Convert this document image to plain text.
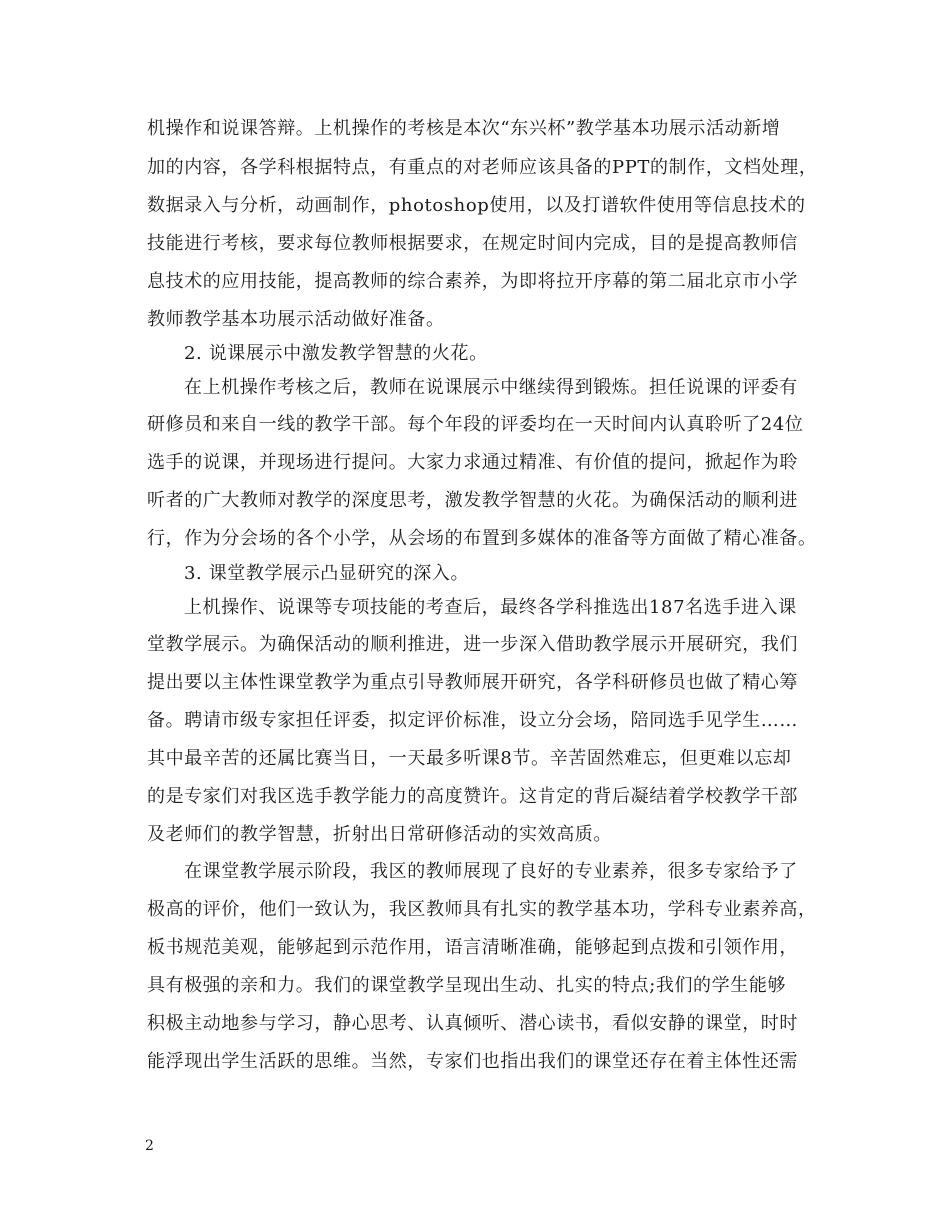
机操作和说课答辩。上机操作的考核是本次“东兴杯”教学基本功展示活动新增
加的内容，各学科根据特点，有重点的对老师应该具备的PPT的制作，文档处理，
数据录入与分析，动画制作，photoshop使用，以及打谱软件使用等信息技术的
技能进行考核，要求每位教师根据要求，在规定时间内完成，目的是提高教师信
息技术的应用技能，提高教师的综合素养，为即将拉开序幕的第二届北京市小学
教师教学基本功展示活动做好准备。
2. 说课展示中激发教学智慧的火花。
在上机操作考核之后，教师在说课展示中继续得到锻炼。担任说课的评委有
研修员和来自一线的教学干部。每个年段的评委均在一天时间内认真聆听了24位
选手的说课，并现场进行提问。大家力求通过精准、有价值的提问，掀起作为聆
听者的广大教师对教学的深度思考，激发教学智慧的火花。为确保活动的顺利进
行，作为分会场的各个小学，从会场的布置到多媒体的准备等方面做了精心准备。
3. 课堂教学展示凸显研究的深入。
上机操作、说课等专项技能的考查后，最终各学科推选出187名选手进入课
堂教学展示。为确保活动的顺利推进，进一步深入借助教学展示开展研究，我们
提出要以主体性课堂教学为重点引导教师展开研究，各学科研修员也做了精心筹
备。聘请市级专家担任评委，拟定评价标准，设立分会场，陪同选手见学生……
其中最辛苦的还属比赛当日，一天最多听课8节。辛苦固然难忘，但更难以忘却
的是专家们对我区选手教学能力的高度赞许。这肯定的背后凝结着学校教学干部
及老师们的教学智慧，折射出日常研修活动的实效高质。
在课堂教学展示阶段，我区的教师展现了良好的专业素养，很多专家给予了
极高的评价，他们一致认为，我区教师具有扎实的教学基本功，学科专业素养高，
板书规范美观，能够起到示范作用，语言清晰准确，能够起到点拨和引领作用，
具有极强的亲和力。我们的课堂教学呈现出生动、扎实的特点;我们的学生能够
积极主动地参与学习，静心思考、认真倾听、潜心读书，看似安静的课堂，时时
能浮现出学生活跃的思维。当然，专家们也指出我们的课堂还存在着主体性还需
2
